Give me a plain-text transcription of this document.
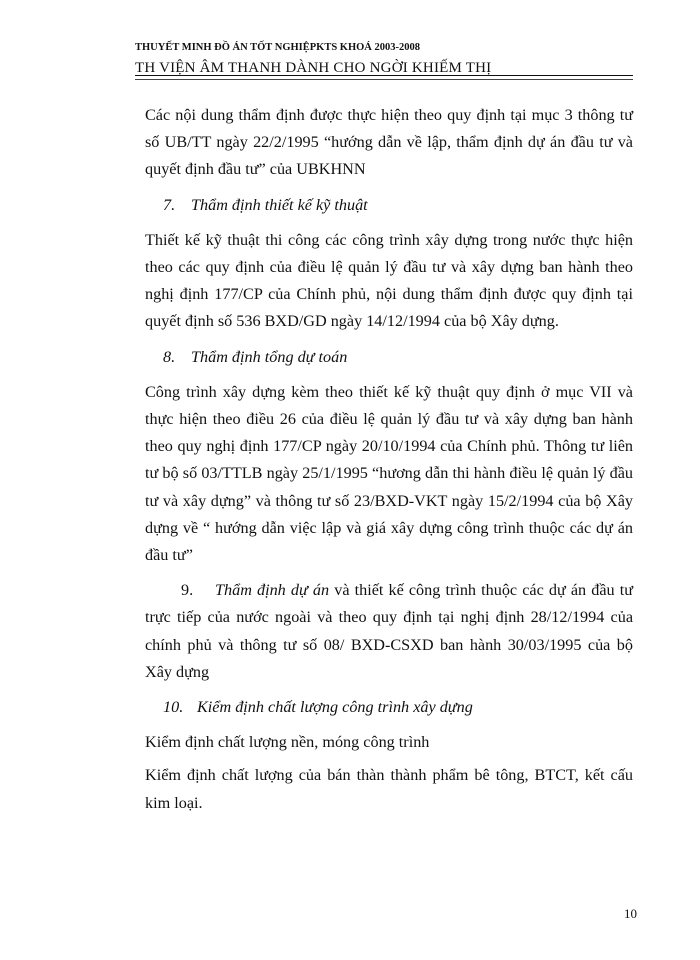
THUYẾT MINH ĐỒ ÁN TỐT NGHIỆPKTS KHOÁ 2003-2008
TH VIỆN ÂM THANH DÀNH CHO NGỜI KHIẾM THỊ

Các nội dung thẩm định được thực hiện theo quy định tại mục 3 thông tư số UB/TT ngày 22/2/1995 “hướng dẫn về lập, thẩm định dự án đầu tư và quyết định đầu tư” của UBKHNN

7. Thẩm định thiết kế kỹ thuật

Thiết kế kỹ thuật thi công các công trình xây dựng trong nước thực hiện theo các quy định của điều lệ quản lý đầu tư và xây dựng ban hành theo nghị định 177/CP của Chính phủ, nội dung thẩm định được quy định tại quyết định số 536 BXD/GD ngày 14/12/1994 của bộ Xây dựng.

8. Thẩm định tổng dự toán

Công trình xây dựng kèm theo thiết kế kỹ thuật quy định ở mục VII và thực hiện theo điều 26 của điều lệ quản lý đầu tư và xây dựng ban hành theo quy nghị định 177/CP ngày 20/10/1994 của Chính phủ. Thông tư liên tư bộ số 03/TTLB ngày 25/1/1995 “hương dẫn thi hành điều lệ quản lý đầu tư và xây dựng” và thông tư số 23/BXD-VKT ngày 15/2/1994 của bộ Xây dựng về “ hướng dẫn việc lập và giá xây dựng công trình thuộc các dự án đầu tư”

9. Thẩm định dự án và thiết kế công trình thuộc các dự án đầu tư trực tiếp của nước ngoài và theo quy định tại nghị định 28/12/1994 của chính phủ và thông tư số 08/ BXD-CSXD ban hành 30/03/1995 của bộ Xây dựng

10. Kiểm định chất lượng công trình xây dựng

Kiểm định chất lượng nền, móng công trình

Kiểm định chất lượng của bán thàn thành phẩm bê tông, BTCT, kết cấu kim loại.

10
